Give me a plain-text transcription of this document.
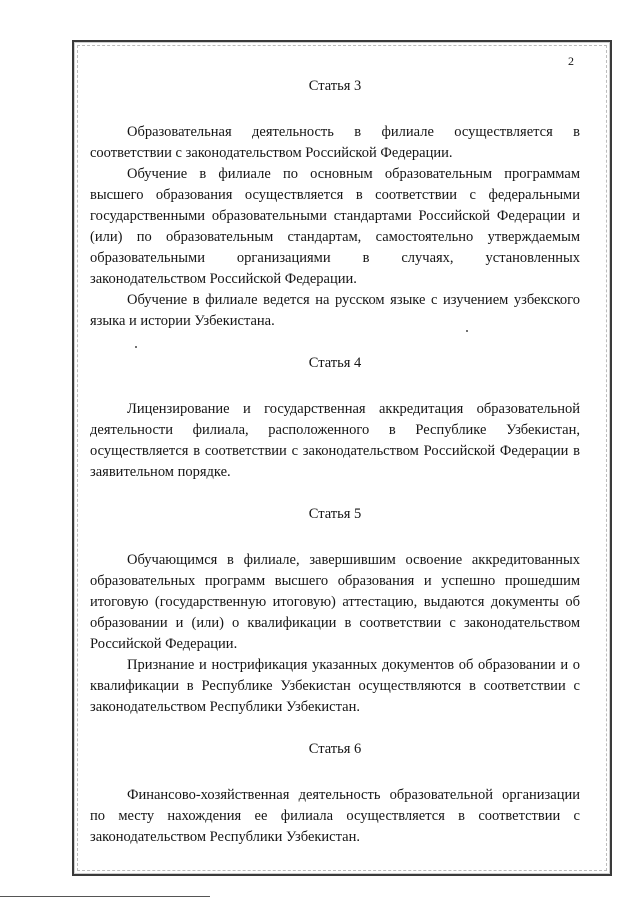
2

Статья 3

Образовательная деятельность в филиале осуществляется в соответствии с законодательством Российской Федерации.

Обучение в филиале по основным образовательным программам высшего образования осуществляется в соответствии с федеральными государственными образовательными стандартами Российской Федерации и (или) по образовательным стандартам, самостоятельно утверждаемым образовательными организациями в случаях, установленных законодательством Российской Федерации.

Обучение в филиале ведется на русском языке с изучением узбекского языка и истории Узбекистана.

Статья 4

Лицензирование и государственная аккредитация образовательной деятельности филиала, расположенного в Республике Узбекистан, осуществляется в соответствии с законодательством Российской Федерации в заявительном порядке.

Статья 5

Обучающимся в филиале, завершившим освоение аккредитованных образовательных программ высшего образования и успешно прошедшим итоговую (государственную итоговую) аттестацию, выдаются документы об образовании и (или) о квалификации в соответствии с законодательством Российской Федерации.

Признание и нострификация указанных документов об образовании и о квалификации в Республике Узбекистан осуществляются в соответствии с законодательством Республики Узбекистан.

Статья 6

Финансово-хозяйственная деятельность образовательной организации по месту нахождения ее филиала осуществляется в соответствии с законодательством Республики Узбекистан.
